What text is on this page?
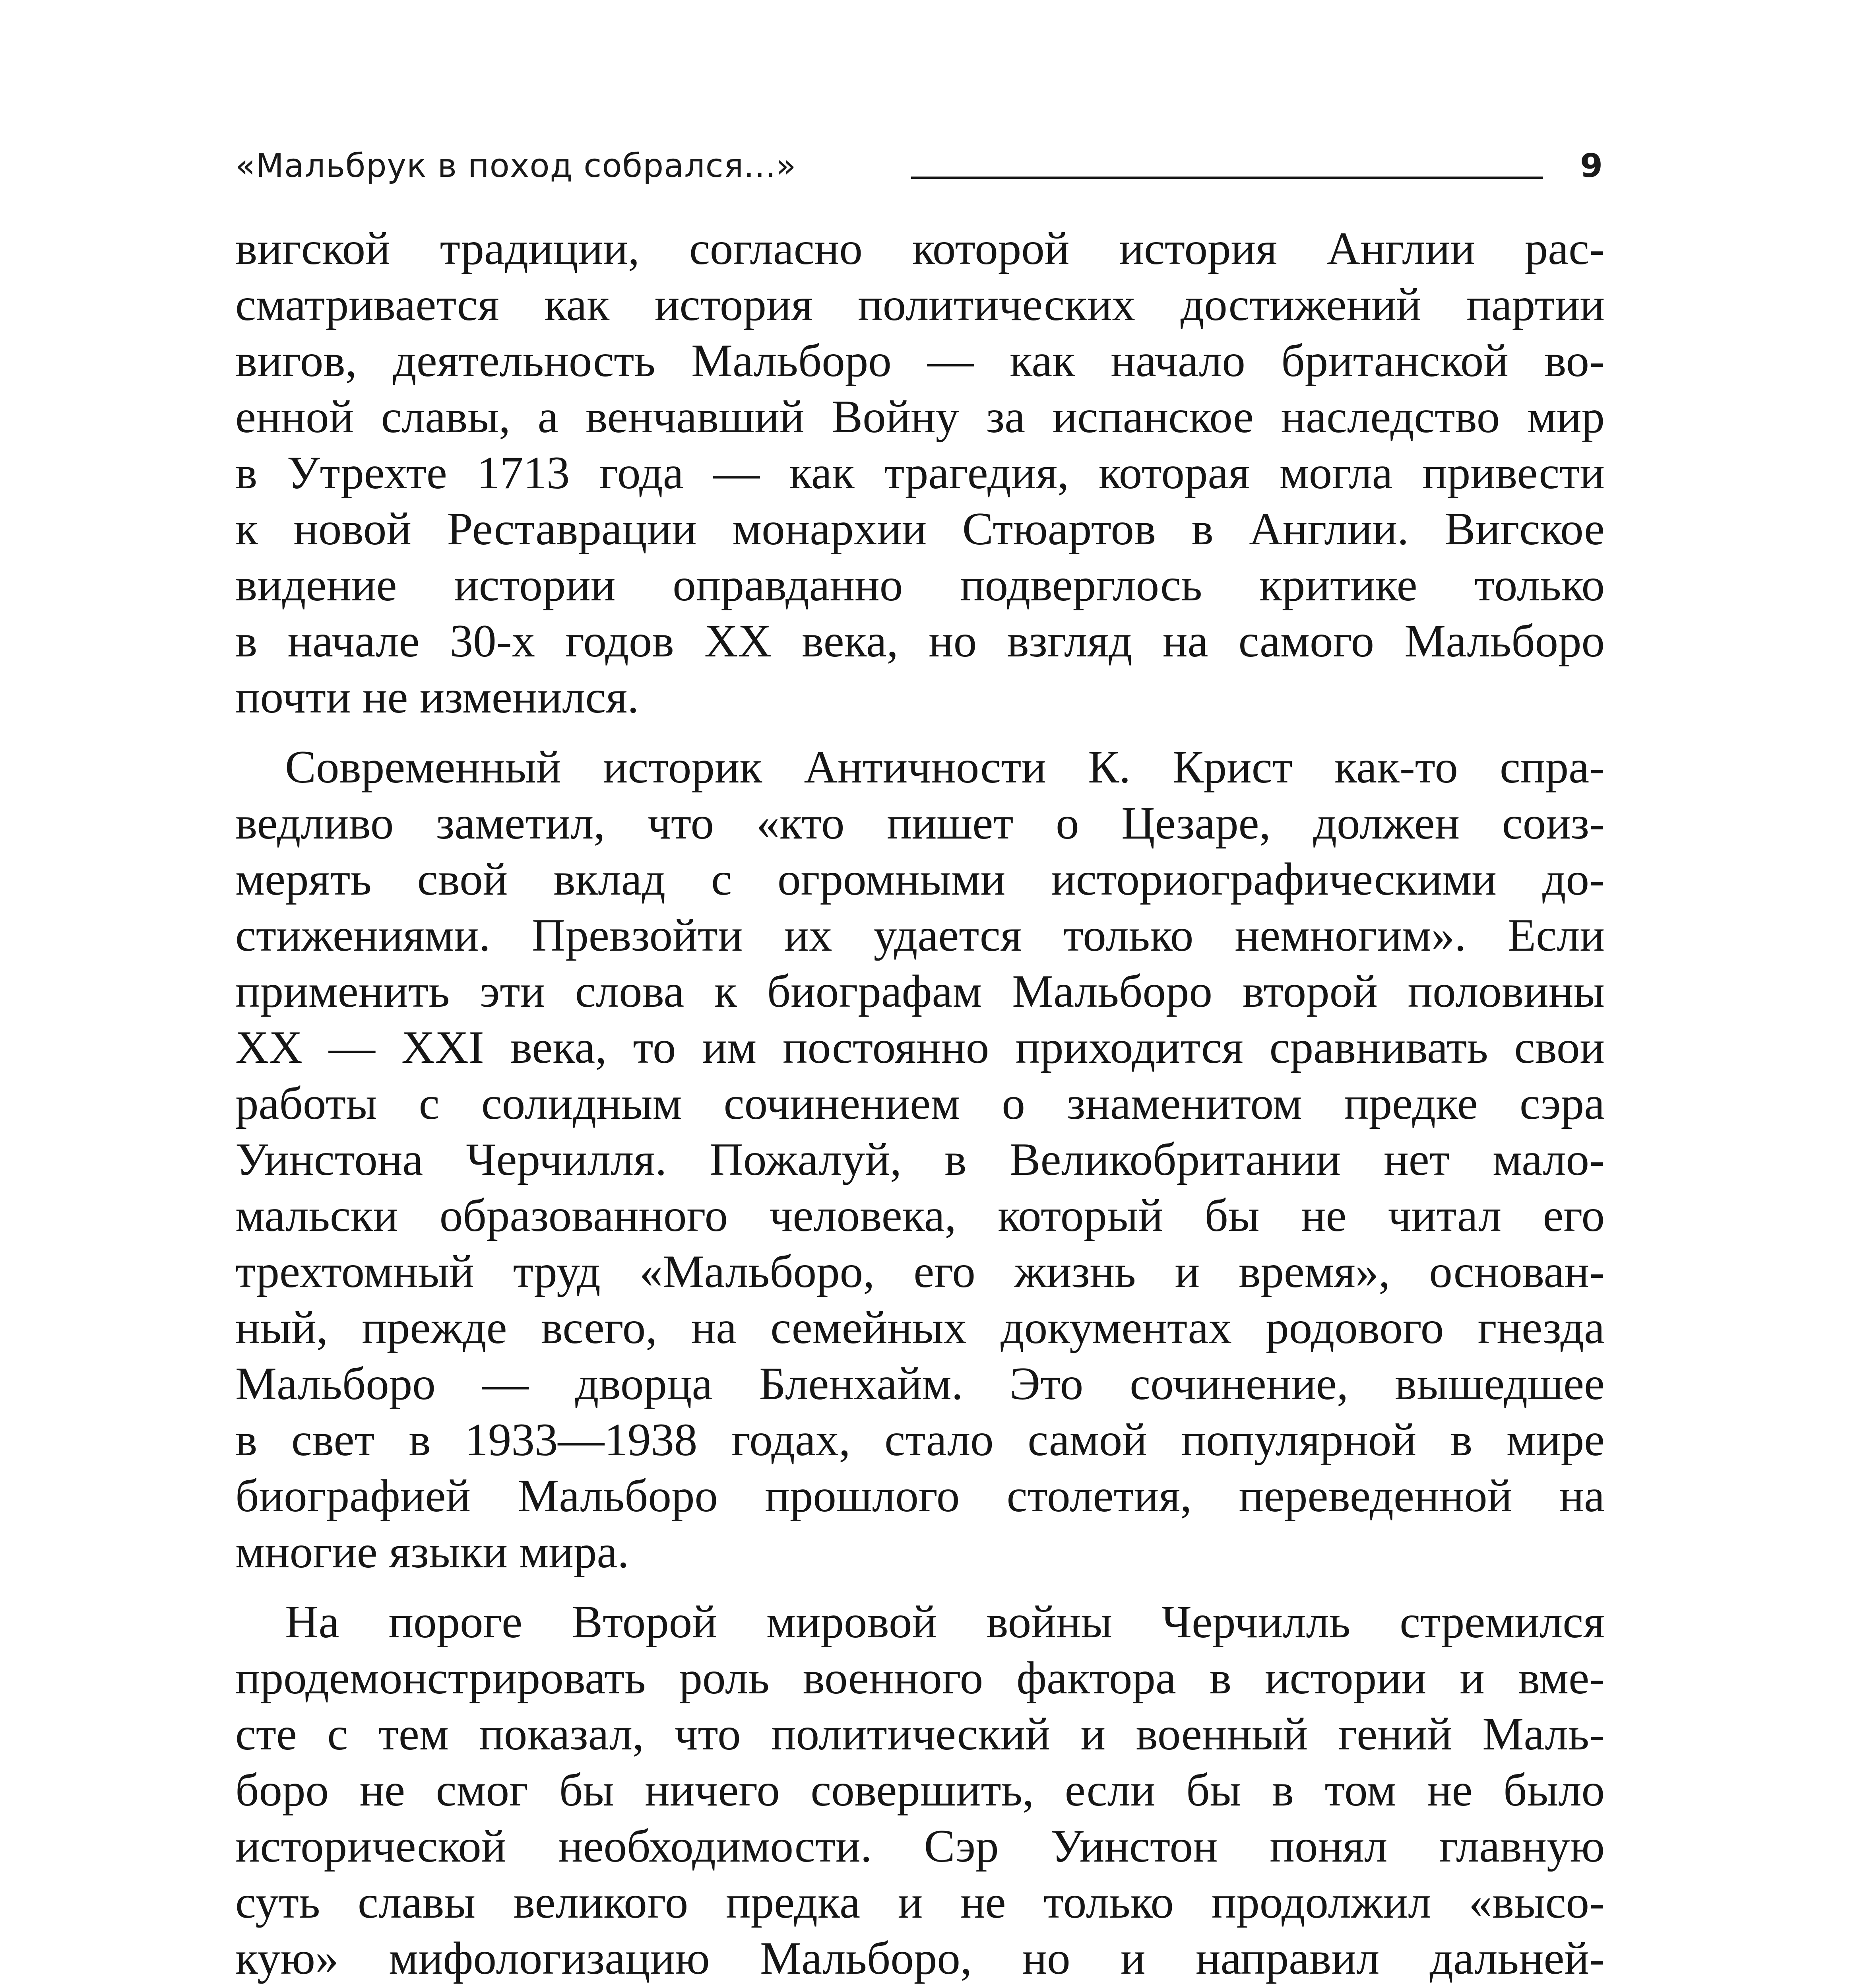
«Мальбрук в поход собрался...»	9
вигской традиции, согласно которой история Англии рас-
сматривается как история политических достижений партии
вигов, деятельность Мальборо — как начало британской во-
енной славы, а венчавший Войну за испанское наследство мир
в Утрехте 1713 года — как трагедия, которая могла привести
к новой Реставрации монархии Стюартов в Англии. Вигское
видение истории оправданно подверглось критике только
в начале 30-х годов XX века, но взгляд на самого Мальборо
почти не изменился.
Современный историк Античности К. Крист как-то спра-
ведливо заметил, что «кто пишет о Цезаре, должен соиз-
мерять свой вклад с огромными историографическими до-
стижениями. Превзойти их удается только немногим». Если
применить эти слова к биографам Мальборо второй половины
XX — XXI века, то им постоянно приходится сравнивать свои
работы с солидным сочинением о знаменитом предке сэра
Уинстона Черчилля. Пожалуй, в Великобритании нет мало-
мальски образованного человека, который бы не читал его
трехтомный труд «Мальборо, его жизнь и время», основан-
ный, прежде всего, на семейных документах родового гнезда
Мальборо — дворца Бленхайм. Это сочинение, вышедшее
в свет в 1933—1938 годах, стало самой популярной в мире
биографией Мальборо прошлого столетия, переведенной на
многие языки мира.
На пороге Второй мировой войны Черчилль стремился
продемонстрировать роль военного фактора в истории и вме-
сте с тем показал, что политический и военный гений Маль-
боро не смог бы ничего совершить, если бы в том не было
исторической необходимости. Сэр Уинстон понял главную
суть славы великого предка и не только продолжил «высо-
кую» мифологизацию Мальборо, но и направил дальней-
